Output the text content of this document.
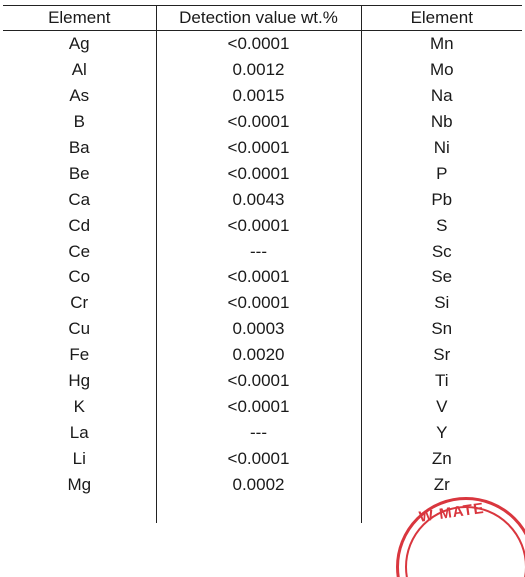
Element	Detection value wt.%	Element
Ag	<0.0001	Mn
Al	0.0012	Mo
As	0.0015	Na
B	<0.0001	Nb
Ba	<0.0001	Ni
Be	<0.0001	P
Ca	0.0043	Pb
Cd	<0.0001	S
Ce	---	Sc
Co	<0.0001	Se
Cr	<0.0001	Si
Cu	0.0003	Sn
Fe	0.0020	Sr
Hg	<0.0001	Ti
K	<0.0001	V
La	---	Y
Li	<0.0001	Zn
Mg	0.0002	Zr

W MATE
